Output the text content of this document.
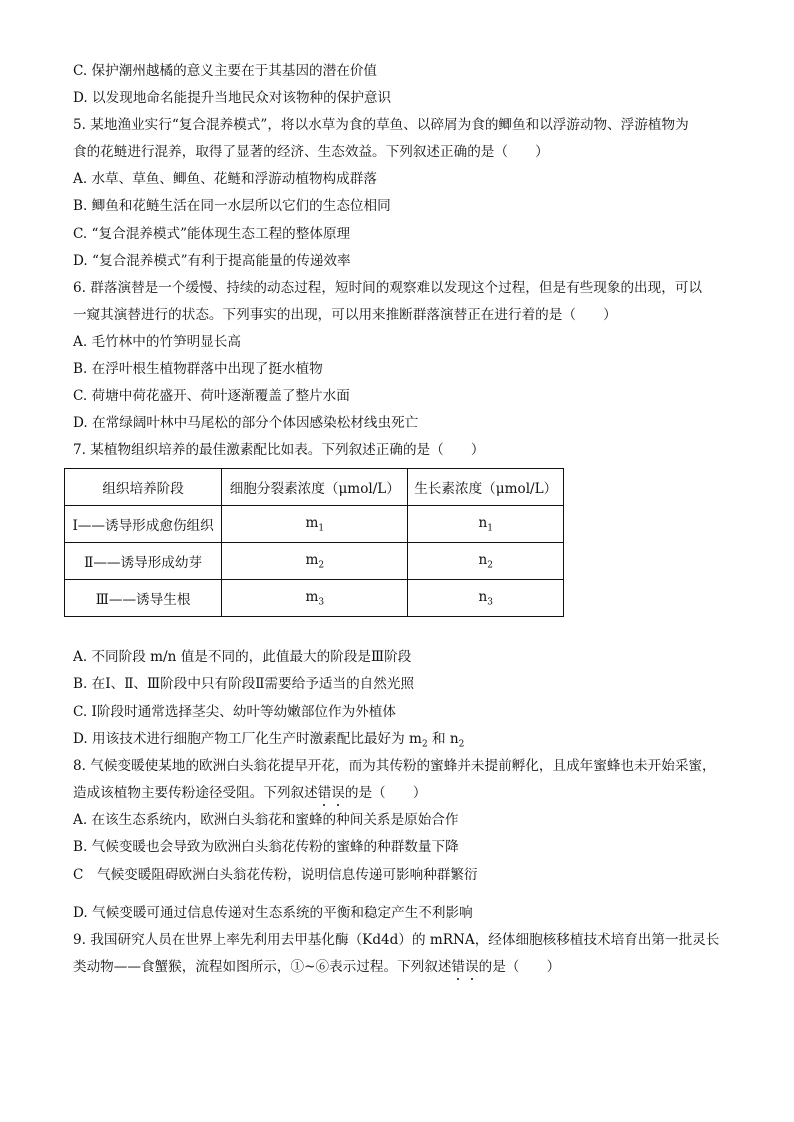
C. 保护潮州越橘的意义主要在于其基因的潜在价值
D. 以发现地命名能提升当地民众对该物种的保护意识
5. 某地渔业实行“复合混养模式”，将以水草为食的草鱼、以碎屑为食的鲫鱼和以浮游动物、浮游植物为
食的花鲢进行混养，取得了显著的经济、生态效益。下列叙述正确的是（　　）
A. 水草、草鱼、鲫鱼、花鲢和浮游动植物构成群落
B. 鲫鱼和花鲢生活在同一水层所以它们的生态位相同
C. “复合混养模式”能体现生态工程的整体原理
D. “复合混养模式”有利于提高能量的传递效率
6. 群落演替是一个缓慢、持续的动态过程，短时间的观察难以发现这个过程，但是有些现象的出现，可以
一窥其演替进行的状态。下列事实的出现，可以用来推断群落演替正在进行着的是（　　）
A. 毛竹林中的竹笋明显长高
B. 在浮叶根生植物群落中出现了挺水植物
C. 荷塘中荷花盛开、荷叶逐渐覆盖了整片水面
D. 在常绿阔叶林中马尾松的部分个体因感染松材线虫死亡
7. 某植物组织培养的最佳激素配比如表。下列叙述正确的是（　　）
组织培养阶段	细胞分裂素浓度（μmol/L）	生长素浓度（μmol/L）
Ⅰ——诱导形成愈伤组织	$m_1$	$n_1$
Ⅱ——诱导形成幼芽	$m_2$	$n_2$
Ⅲ——诱导生根	$m_3$	$n_3$
A. 不同阶段 m/n 值是不同的，此值最大的阶段是Ⅲ阶段
B. 在Ⅰ、Ⅱ、Ⅲ阶段中只有阶段Ⅱ需要给予适当的自然光照
C. Ⅰ阶段时通常选择茎尖、幼叶等幼嫩部位作为外植体
D. 用该技术进行细胞产物工厂化生产时激素配比最好为 $m_2$ 和 $n_2$
8. 气候变暖使某地的欧洲白头翁花提早开花，而为其传粉的蜜蜂并未提前孵化，且成年蜜蜂也未开始采蜜，
造成该植物主要传粉途径受阻。下列叙述错误的是（　　）
A. 在该生态系统内，欧洲白头翁花和蜜蜂的种间关系是原始合作
B. 气候变暖也会导致为欧洲白头翁花传粉的蜜蜂的种群数量下降
C　气候变暖阻碍欧洲白头翁花传粉，说明信息传递可影响种群繁衍
D. 气候变暖可通过信息传递对生态系统的平衡和稳定产生不利影响
9. 我国研究人员在世界上率先利用去甲基化酶（Kd4d）的 mRNA，经体细胞核移植技术培育出第一批灵长
类动物——食蟹猴，流程如图所示，①~⑥表示过程。下列叙述错误的是（　　）
